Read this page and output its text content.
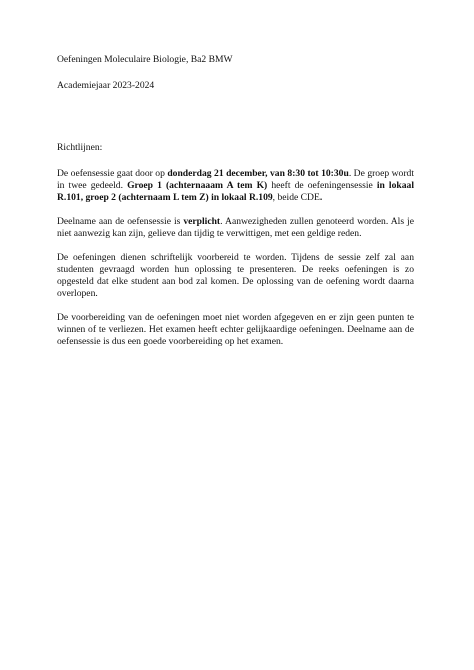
Oefeningen Moleculaire Biologie, Ba2 BMW

Academiejaar 2023-2024

Richtlijnen:

De oefensessie gaat door op donderdag 21 december, van 8:30 tot 10:30u. De groep wordt in twee gedeeld. Groep 1 (achternaaam A tem K) heeft de oefeningensessie in lokaal R.101, groep 2 (achternaam L tem Z) in lokaal R.109, beide CDE.

Deelname aan de oefensessie is verplicht. Aanwezigheden zullen genoteerd worden. Als je niet aanwezig kan zijn, gelieve dan tijdig te verwittigen, met een geldige reden.

De oefeningen dienen schriftelijk voorbereid te worden. Tijdens de sessie zelf zal aan studenten gevraagd worden hun oplossing te presenteren. De reeks oefeningen is zo opgesteld dat elke student aan bod zal komen. De oplossing van de oefening wordt daarna overlopen.

De voorbereiding van de oefeningen moet niet worden afgegeven en er zijn geen punten te winnen of te verliezen. Het examen heeft echter gelijkaardige oefeningen. Deelname aan de oefensessie is dus een goede voorbereiding op het examen.
